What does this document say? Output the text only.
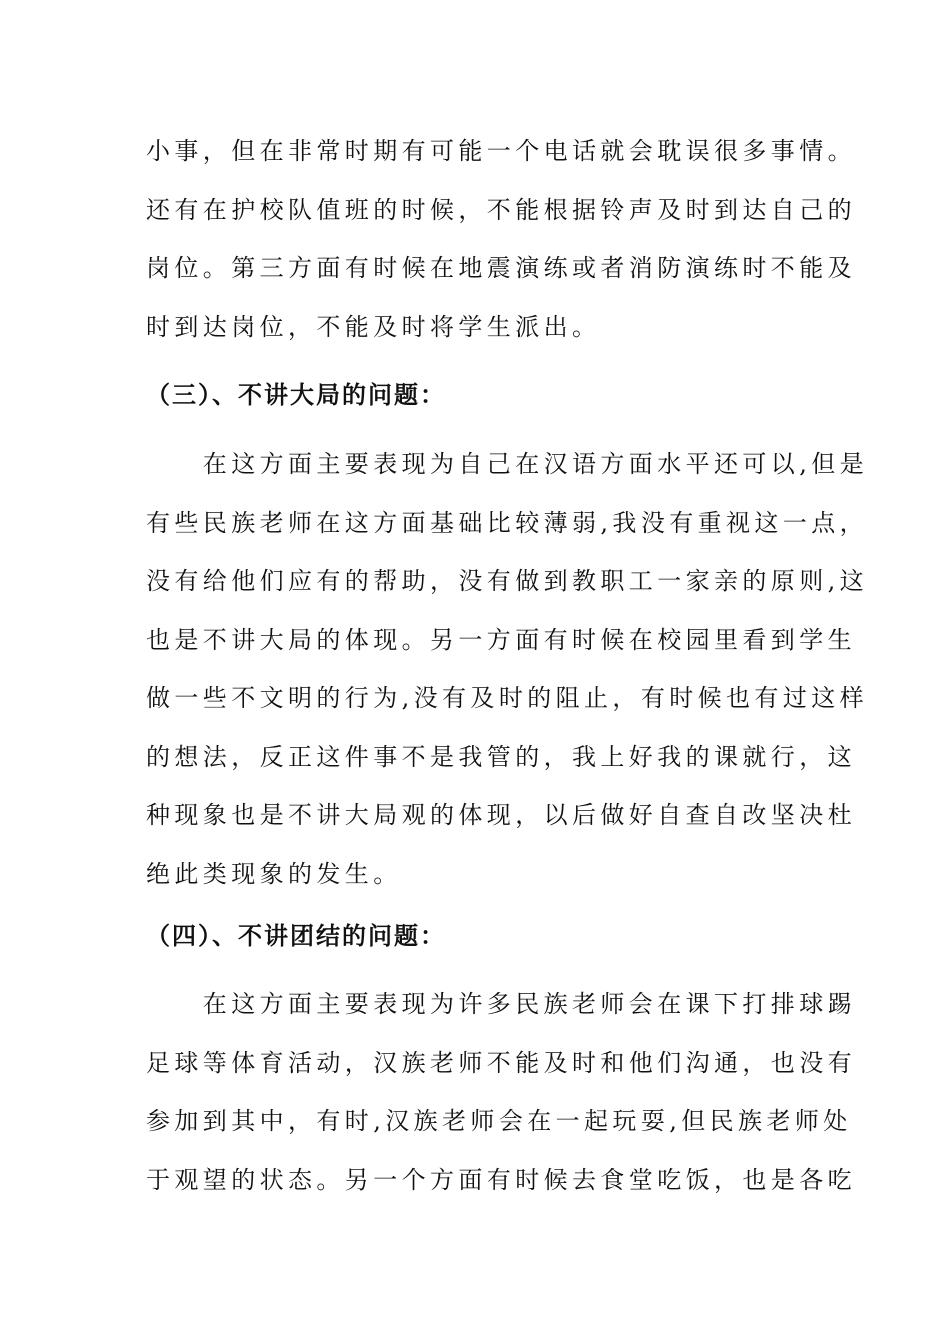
小事，但在非常时期有可能一个电话就会耽误很多事情。
还有在护校队值班的时候，不能根据铃声及时到达自己的
岗位。第三方面有时候在地震演练或者消防演练时不能及
时到达岗位，不能及时将学生派出。
（三）、不讲大局的问题：
　　在这方面主要表现为自己在汉语方面水平还可以,但是
有些民族老师在这方面基础比较薄弱,我没有重视这一点，
没有给他们应有的帮助，没有做到教职工一家亲的原则,这
也是不讲大局的体现。另一方面有时候在校园里看到学生
做一些不文明的行为,没有及时的阻止，有时候也有过这样
的想法，反正这件事不是我管的，我上好我的课就行，这
种现象也是不讲大局观的体现，以后做好自查自改坚决杜
绝此类现象的发生。
（四）、不讲团结的问题：
　　在这方面主要表现为许多民族老师会在课下打排球踢
足球等体育活动，汉族老师不能及时和他们沟通，也没有
参加到其中，有时,汉族老师会在一起玩耍,但民族老师处
于观望的状态。另一个方面有时候去食堂吃饭，也是各吃
